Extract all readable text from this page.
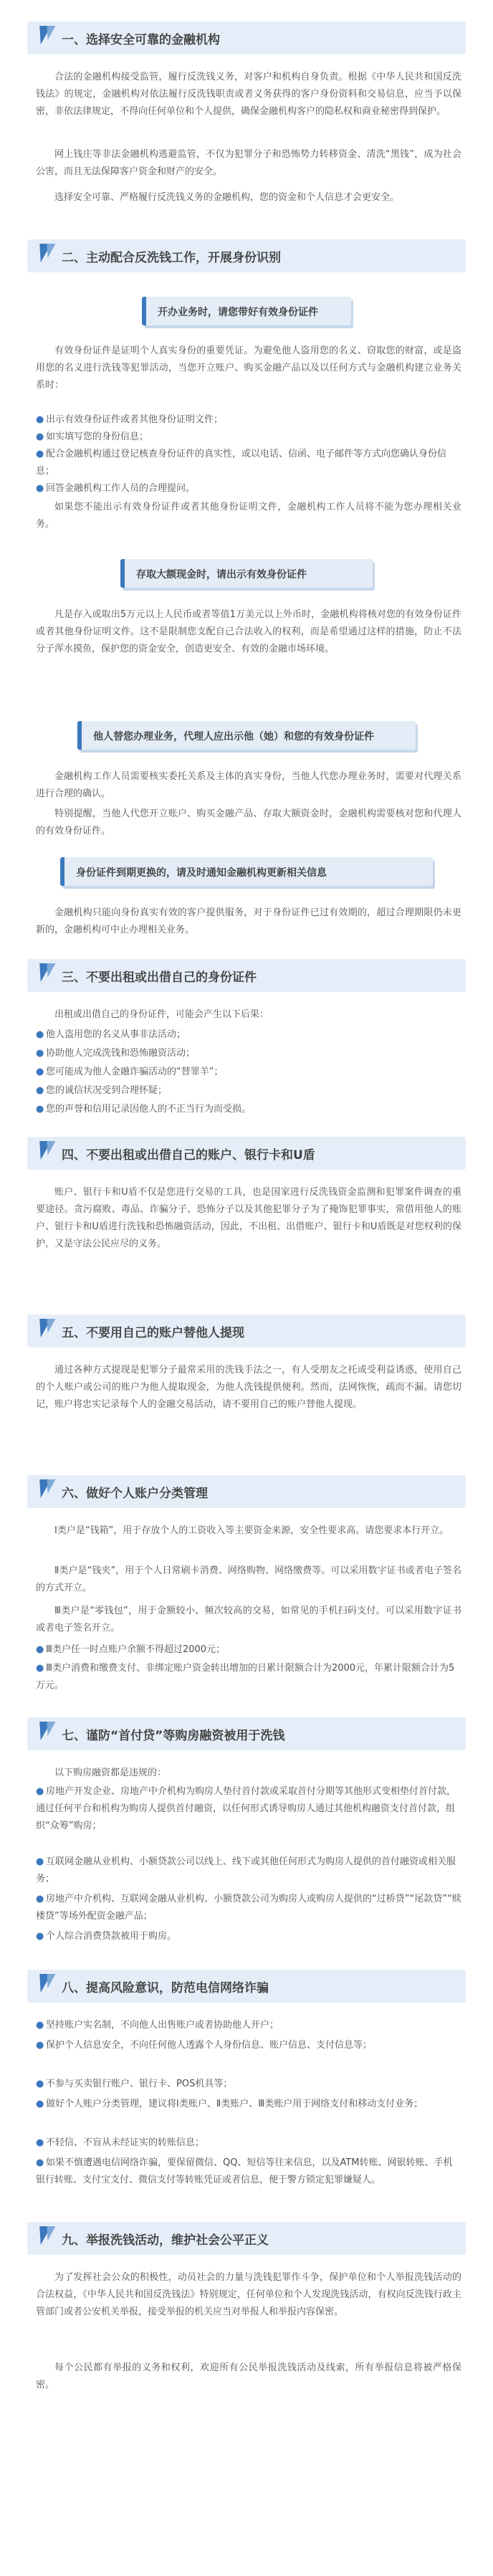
一、选择安全可靠的金融机构

合法的金融机构接受监管，履行反洗钱义务，对客户和机构自身负责。根据《中华人民共和国反洗钱法》的规定，金融机构对依法履行反洗钱职责或者义务获得的客户身份资料和交易信息，应当予以保密，非依法律规定，不得向任何单位和个人提供，确保金融机构客户的隐私权和商业秘密得到保护。

网上钱庄等非法金融机构逃避监管，不仅为犯罪分子和恐怖势力转移资金、清洗“黑钱”，成为社会公害，而且无法保障客户资金和财产的安全。

选择安全可靠、严格履行反洗钱义务的金融机构，您的资金和个人信息才会更安全。

二、主动配合反洗钱工作，开展身份识别
开办业务时，请您带好有效身份证件

有效身份证件是证明个人真实身份的重要凭证。为避免他人盗用您的名义、窃取您的财富，或是盗用您的名义进行洗钱等犯罪活动，当您开立账户、购买金融产品以及以任何方式与金融机构建立业务关系时：

● 出示有效身份证件或者其他身份证明文件；

● 如实填写您的身份信息；

● 配合金融机构通过登记核查身份证件的真实性，或以电话、信函、电子邮件等方式向您确认身份信息；

● 回答金融机构工作人员的合理提问。

如果您不能出示有效身份证件或者其他身份证明文件，金融机构工作人员将不能为您办理相关业务。

存取大额现金时，请出示有效身份证件

凡是存入或取出5万元以上人民币或者等值1万美元以上外币时，金融机构将核对您的有效身份证件或者其他身份证明文件。这不是限制您支配自己合法收入的权利，而是希望通过这样的措施，防止不法分子浑水摸鱼，保护您的资金安全，创造更安全、有效的金融市场环境。

他人替您办理业务，代理人应出示他（她）和您的有效身份证件

金融机构工作人员需要核实委托关系及主体的真实身份，当他人代您办理业务时，需要对代理关系进行合理的确认。

特别提醒，当他人代您开立账户、购买金融产品、存取大额资金时，金融机构需要核对您和代理人的有效身份证件。

身份证件到期更换的，请及时通知金融机构更新相关信息

金融机构只能向身份真实有效的客户提供服务，对于身份证件已过有效期的，超过合理期限仍未更新的，金融机构可中止办理相关业务。

三、不要出租或出借自己的身份证件

出租或出借自己的身份证件，可能会产生以下后果：

● 他人盗用您的名义从事非法活动；

● 协助他人完成洗钱和恐怖融资活动；

● 您可能成为他人金融诈骗活动的“替罪羊”；

● 您的诚信状况受到合理怀疑；

● 您的声誉和信用记录因他人的不正当行为而受损。

四、不要出租或出借自己的账户、银行卡和U盾

账户、银行卡和U盾不仅是您进行交易的工具，也是国家进行反洗钱资金监测和犯罪案件调查的重要途径。贪污腐败、毒品、诈骗分子、恐怖分子以及其他犯罪分子为了掩饰犯罪事实，常借用他人的账户、银行卡和U盾进行洗钱和恐怖融资活动，因此，不出租、出借账户、银行卡和U盾既是对您权利的保护，又是守法公民应尽的义务。

五、不要用自己的账户替他人提现

通过各种方式提现是犯罪分子最常采用的洗钱手法之一，有人受朋友之托或受利益诱惑，使用自己的个人账户或公司的账户为他人提取现金，为他人洗钱提供便利。然而，法网恢恢，疏而不漏。请您切记，账户将忠实记录每个人的金融交易活动，请不要用自己的账户替他人提现。

六、做好个人账户分类管理

Ⅰ类户是“钱箱”，用于存放个人的工资收入等主要资金来源，安全性要求高。请您要求本行开立。

Ⅱ类户是“钱夹”，用于个人日常刷卡消费、网络购物、网络缴费等。可以采用数字证书或者电子签名的方式开立。

Ⅲ类户是“零钱包”，用于金额较小、频次较高的交易，如常见的手机扫码支付。可以采用数字证书或者电子签名开立。

● Ⅲ类户任一时点账户余额不得超过2000元；

● Ⅲ类户消费和缴费支付、非绑定账户资金转出增加的日累计限额合计为2000元，年累计限额合计为5万元。

七、谨防“首付贷”等购房融资被用于洗钱

以下购房融资都是违规的：

● 房地产开发企业、房地产中介机构为购房人垫付首付款或采取首付分期等其他形式变相垫付首付款，通过任何平台和机构为购房人提供首付融资，以任何形式诱导购房人通过其他机构融资支付首付款，组织“众筹”购房；

● 互联网金融从业机构、小额贷款公司以线上、线下或其他任何形式为购房人提供的首付融资或相关服务；

● 房地产中介机构、互联网金融从业机构、小额贷款公司为购房人或购房人提供的“过桥贷”“尾款贷”“赎楼贷”等场外配资金融产品；

● 个人综合消费贷款被用于购房。

八、提高风险意识，防范电信网络诈骗

● 坚持账户实名制，不向他人出售账户或者协助他人开户；

● 保护个人信息安全，不向任何他人透露个人身份信息、账户信息、支付信息等；

● 不参与买卖银行账户、银行卡、POS机具等；

● 做好个人账户分类管理，建议将Ⅰ类账户、Ⅱ类账户、Ⅲ类账户用于网络支付和移动支付业务；

● 不轻信、不盲从未经证实的转账信息；

● 如果不慎遭遇电信网络诈骗，要保留微信、QQ、短信等往来信息，以及ATM转账、网银转账、手机银行转账、支付宝支付、微信支付等转账凭证或者信息，便于警方锁定犯罪嫌疑人。

九、举报洗钱活动，维护社会公平正义

为了发挥社会公众的积极性，动员社会的力量与洗钱犯罪作斗争，保护单位和个人举报洗钱活动的合法权益，《中华人民共和国反洗钱法》特别规定，任何单位和个人发现洗钱活动，有权向反洗钱行政主管部门或者公安机关举报，接受举报的机关应当对举报人和举报内容保密。

每个公民都有举报的义务和权利，欢迎所有公民举报洗钱活动及线索，所有举报信息将被严格保密。
